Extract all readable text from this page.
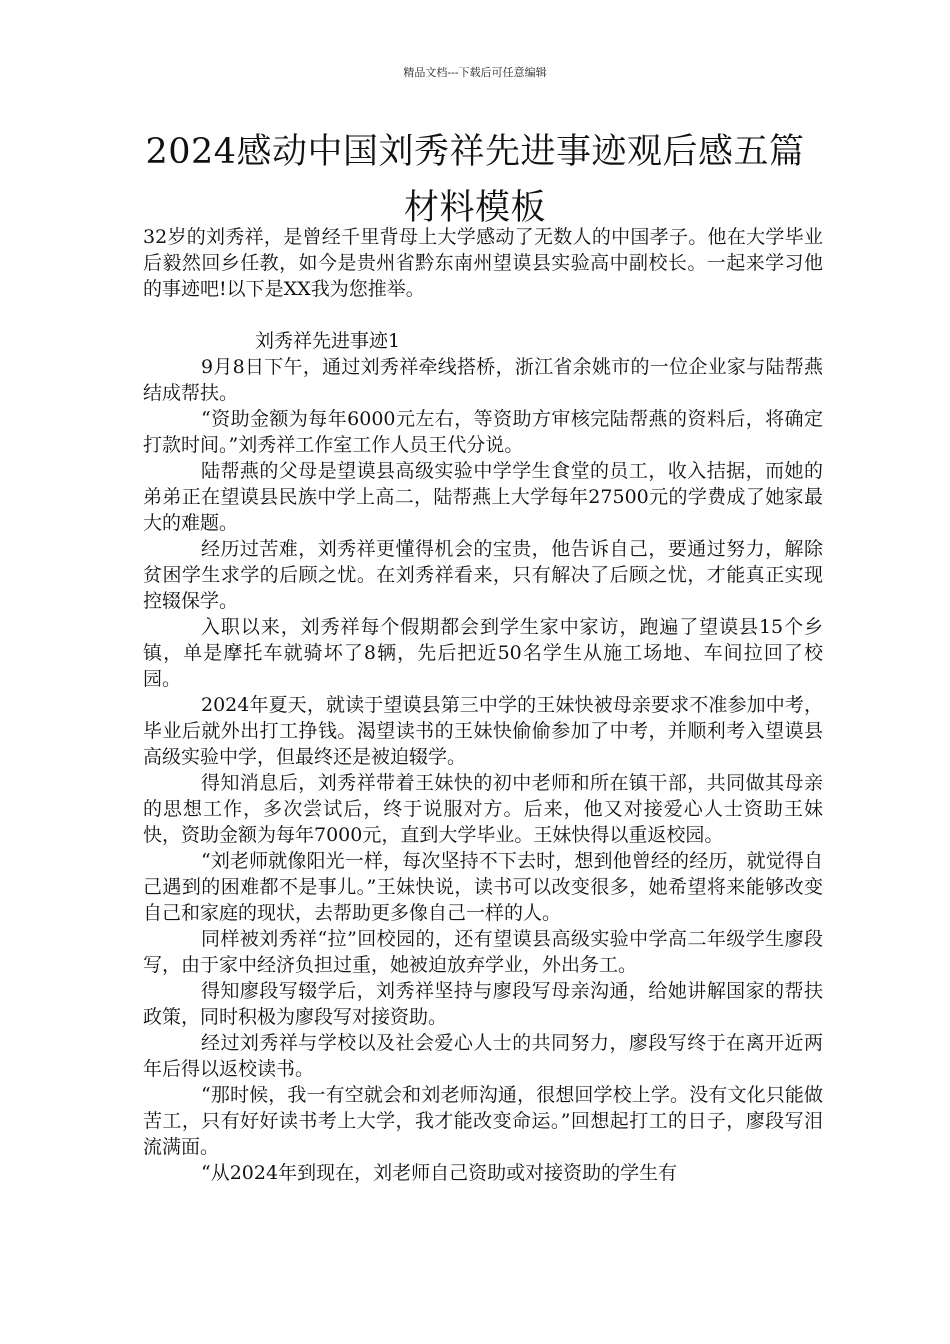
精品文档---下载后可任意编辑
2024感动中国刘秀祥先进事迹观后感五篇
材料模板

32岁的刘秀祥，是曾经千里背母上大学感动了无数人的中国孝子。他在大学毕业后毅然回乡任教，如今是贵州省黔东南州望谟县实验高中副校长。一起来学习他的事迹吧!以下是XX我为您推举。

刘秀祥先进事迹1

9月8日下午，通过刘秀祥牵线搭桥，浙江省余姚市的一位企业家与陆帮燕结成帮扶。

“资助金额为每年6000元左右，等资助方审核完陆帮燕的资料后，将确定打款时间。”刘秀祥工作室工作人员王代分说。

陆帮燕的父母是望谟县高级实验中学学生食堂的员工，收入拮据，而她的弟弟正在望谟县民族中学上高二，陆帮燕上大学每年27500元的学费成了她家最大的难题。

经历过苦难，刘秀祥更懂得机会的宝贵，他告诉自己，要通过努力，解除贫困学生求学的后顾之忧。在刘秀祥看来，只有解决了后顾之忧，才能真正实现控辍保学。

入职以来，刘秀祥每个假期都会到学生家中家访，跑遍了望谟县15个乡镇，单是摩托车就骑坏了8辆，先后把近50名学生从施工场地、车间拉回了校园。

2024年夏天，就读于望谟县第三中学的王妹快被母亲要求不准参加中考，毕业后就外出打工挣钱。渴望读书的王妹快偷偷参加了中考，并顺利考入望谟县高级实验中学，但最终还是被迫辍学。

得知消息后，刘秀祥带着王妹快的初中老师和所在镇干部，共同做其母亲的思想工作，多次尝试后，终于说服对方。后来，他又对接爱心人士资助王妹快，资助金额为每年7000元，直到大学毕业。王妹快得以重返校园。

“刘老师就像阳光一样，每次坚持不下去时，想到他曾经的经历，就觉得自己遇到的困难都不是事儿。”王妹快说，读书可以改变很多，她希望将来能够改变自己和家庭的现状，去帮助更多像自己一样的人。

同样被刘秀祥“拉”回校园的，还有望谟县高级实验中学高二年级学生廖段写，由于家中经济负担过重，她被迫放弃学业，外出务工。

得知廖段写辍学后，刘秀祥坚持与廖段写母亲沟通，给她讲解国家的帮扶政策，同时积极为廖段写对接资助。

经过刘秀祥与学校以及社会爱心人士的共同努力，廖段写终于在离开近两年后得以返校读书。

“那时候，我一有空就会和刘老师沟通，很想回学校上学。没有文化只能做苦工，只有好好读书考上大学，我才能改变命运。”回想起打工的日子，廖段写泪流满面。

“从2024年到现在，刘老师自己资助或对接资助的学生有
